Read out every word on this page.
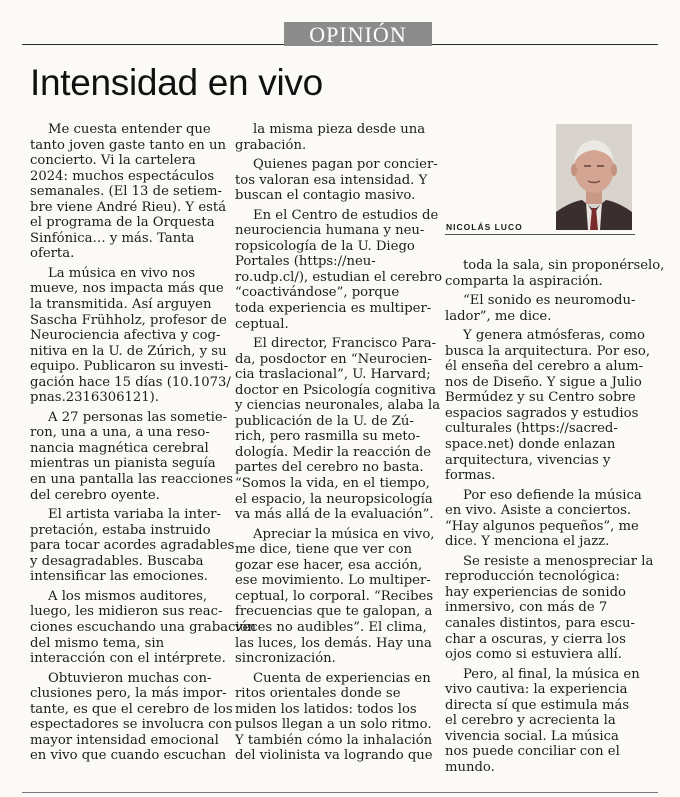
OPINIÓN
Intensidad en vivo

Me cuesta entender que

tanto joven gaste tanto en un

concierto. Vi la cartelera

2024: muchos espectáculos

semanales. (El 13 de setiem-

bre viene André Rieu). Y está

el programa de la Orquesta

Sinfónica… y más. Tanta

oferta.

La música en vivo nos

mueve, nos impacta más que

la transmitida. Así arguyen

Sascha Frühholz, profesor de

Neurociencia afectiva y cog-

nitiva en la U. de Zúrich, y su

equipo. Publicaron su investi-

gación hace 15 días (10.1073/

pnas.2316306121).

A 27 personas las sometie-

ron, una a una, a una reso-

nancia magnética cerebral

mientras un pianista seguía

en una pantalla las reacciones

del cerebro oyente.

El artista variaba la inter-

pretación, estaba instruido

para tocar acordes agradables

y desagradables. Buscaba

intensificar las emociones.

A los mismos auditores,

luego, les midieron sus reac-

ciones escuchando una grabación

del mismo tema, sin

interacción con el intérprete.

Obtuvieron muchas con-

clusiones pero, la más impor-

tante, es que el cerebro de los

espectadores se involucra con

mayor intensidad emocional

en vivo que cuando escuchan

la misma pieza desde una

grabación.

Quienes pagan por concier-

tos valoran esa intensidad. Y

buscan el contagio masivo.

En el Centro de estudios de

neurociencia humana y neu-

ropsicología de la U. Diego

Portales (https://neu-

ro.udp.cl/), estudian el cerebro

“coactivándose”, porque

toda experiencia es multiper-

ceptual.

El director, Francisco Para-

da, posdoctor en “Neurocien-

cia traslacional”, U. Harvard;

doctor en Psicología cognitiva

y ciencias neuronales, alaba la

publicación de la U. de Zú-

rich, pero rasmilla su meto-

dología. Medir la reacción de

partes del cerebro no basta.

“Somos la vida, en el tiempo,

el espacio, la neuropsicología

va más allá de la evaluación”.

Apreciar la música en vivo,

me dice, tiene que ver con

gozar ese hacer, esa acción,

ese movimiento. Lo multiper-

ceptual, lo corporal. “Recibes

frecuencias que te galopan, a

veces no audibles”. El clima,

las luces, los demás. Hay una

sincronización.

Cuenta de experiencias en

ritos orientales donde se

miden los latidos: todos los

pulsos llegan a un solo ritmo.

Y también cómo la inhalación

del violinista va logrando que

NICOLÁS LUCO

toda la sala, sin proponérselo,

comparta la aspiración.

“El sonido es neuromodu-

lador”, me dice.

Y genera atmósferas, como

busca la arquitectura. Por eso,

él enseña del cerebro a alum-

nos de Diseño. Y sigue a Julio

Bermúdez y su Centro sobre

espacios sagrados y estudios

culturales (https://sacred-

space.net) donde enlazan

arquitectura, vivencias y

formas.

Por eso defiende la música

en vivo. Asiste a conciertos.

“Hay algunos pequeños”, me

dice. Y menciona el jazz.

Se resiste a menospreciar la

reproducción tecnológica:

hay experiencias de sonido

inmersivo, con más de 7

canales distintos, para escu-

char a oscuras, y cierra los

ojos como si estuviera allí.

Pero, al final, la música en

vivo cautiva: la experiencia

directa sí que estimula más

el cerebro y acrecienta la

vivencia social. La música

nos puede conciliar con el

mundo.
